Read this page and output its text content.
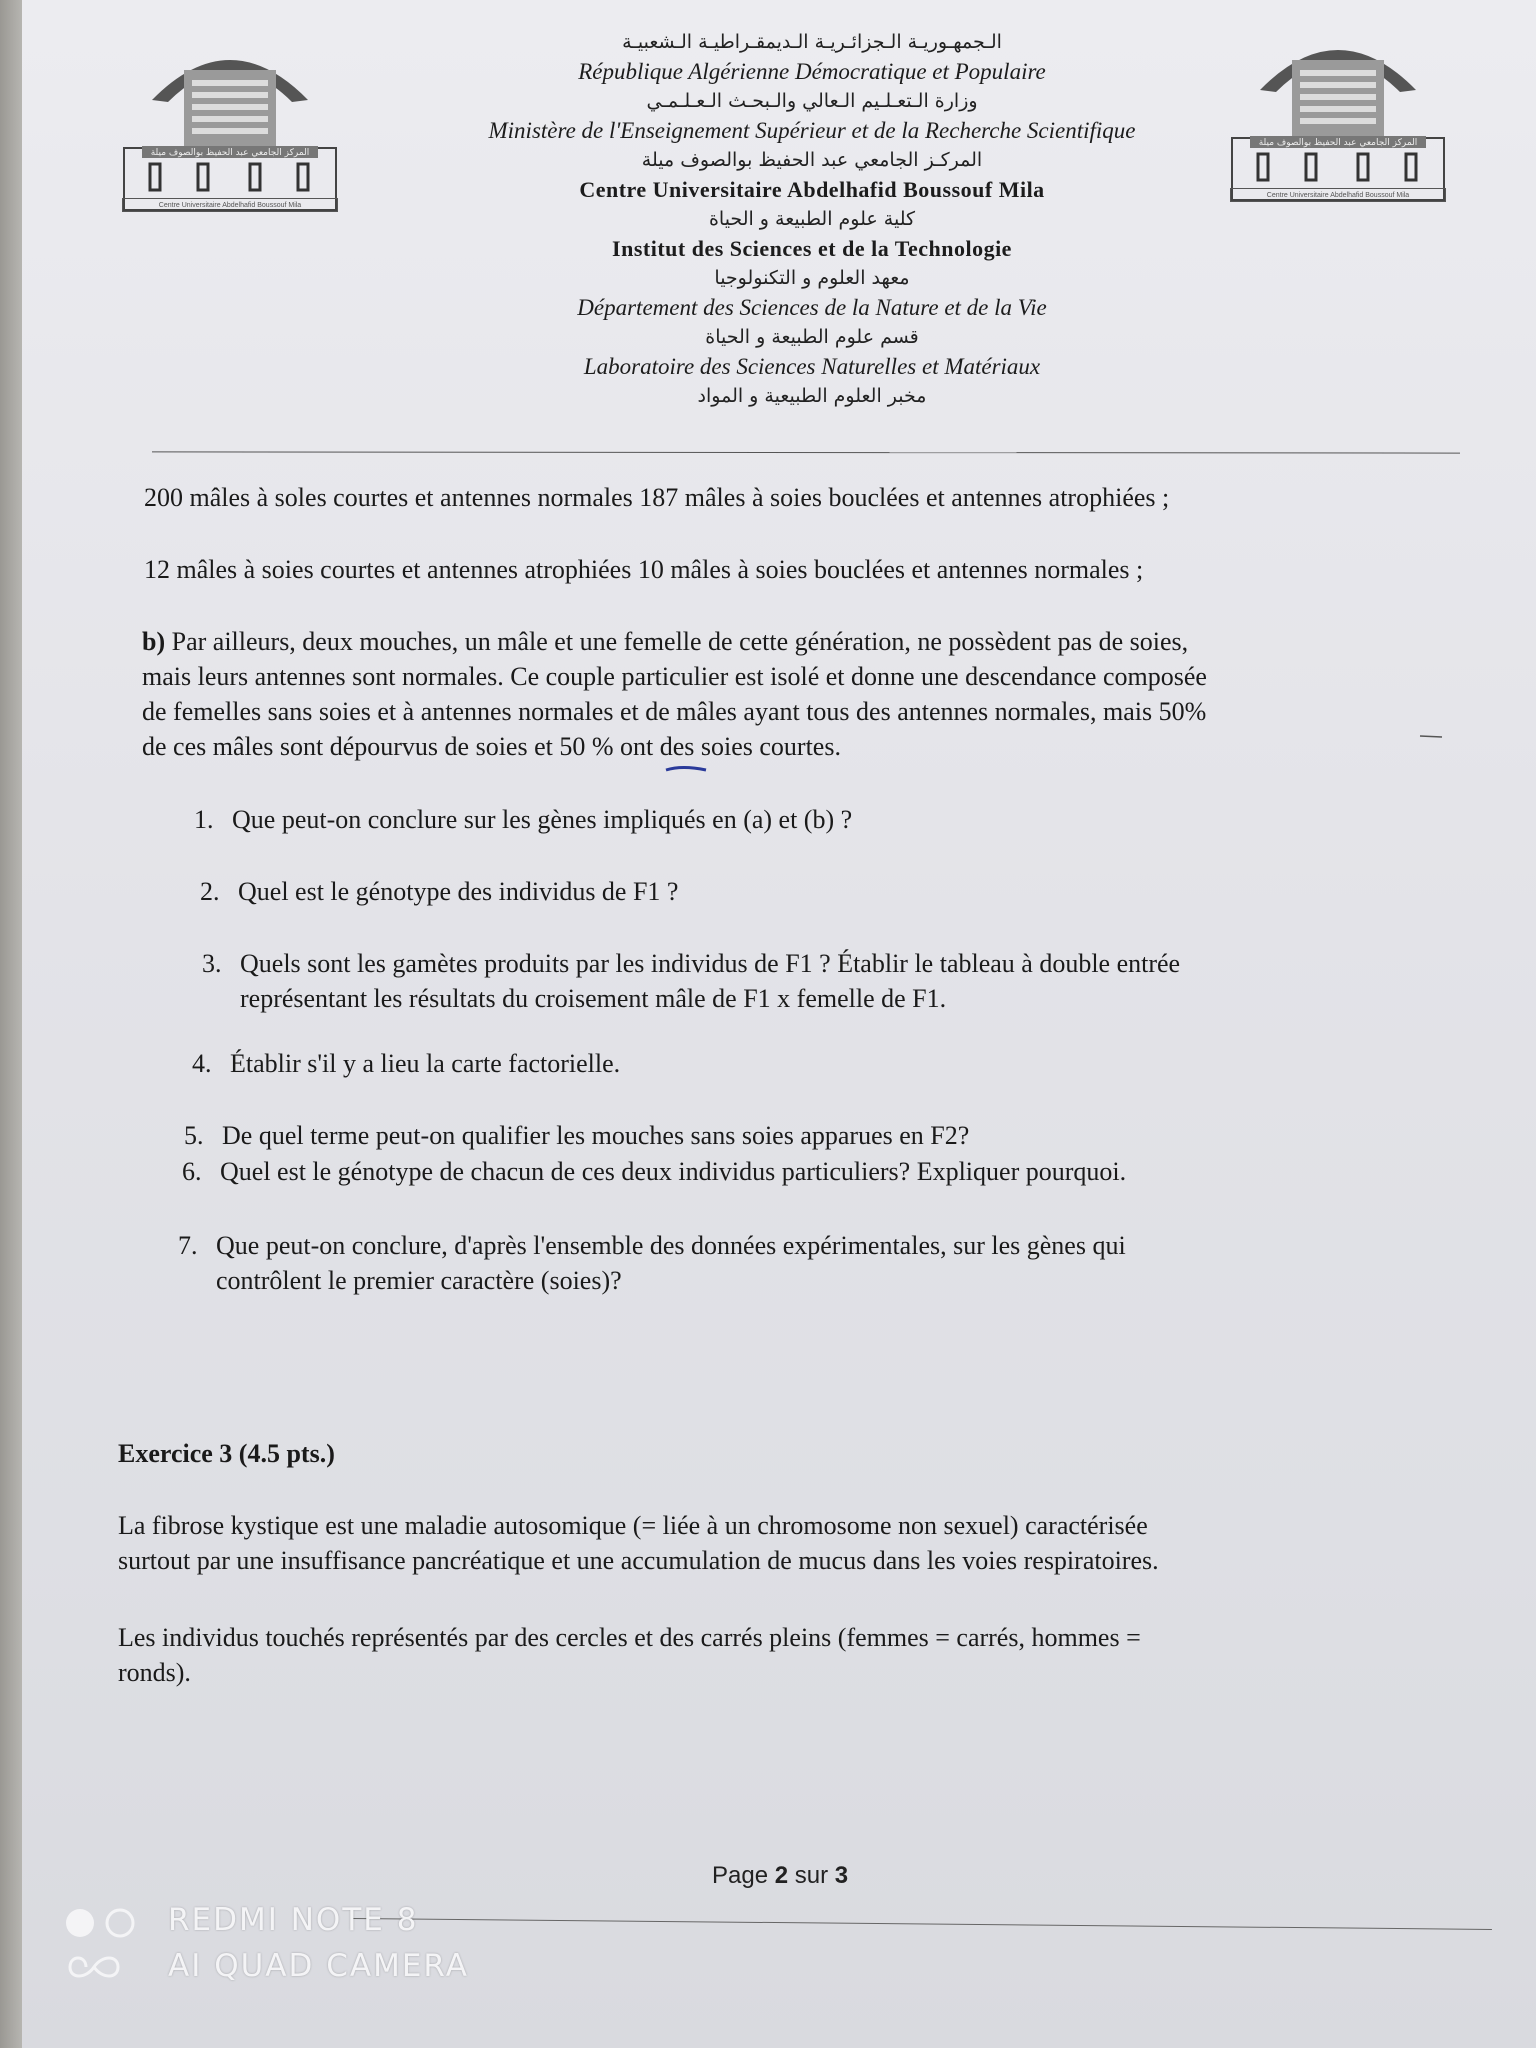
المركز الجامعي عبد الحفيظ بوالصوف ميلة
Centre Universitaire Abdelhafid Boussouf Mila
المركز الجامعي عبد الحفيظ بوالصوف ميلة
Centre Universitaire Abdelhafid Boussouf Mila
الـجمهـوريـة الـجزائـريـة الـديمقـراطيـة الـشعبيـة
République Algérienne Démocratique et Populaire
وزارة الـتعـلـيم الـعالي والـبحـث الـعـلـمـي
Ministère de l'Enseignement Supérieur et de la Recherche Scientifique
المركـز الجامعي عبد الحفيظ بوالصوف ميلة
Centre Universitaire Abdelhafid Boussouf Mila
كلية علوم الطبيعة و الحياة
Institut des Sciences et de la Technologie
معهد العلوم و التكنولوجيا
Département des Sciences de la Nature et de la Vie
قسم علوم الطبيعة و الحياة
Laboratoire des Sciences Naturelles et Matériaux
مخبر العلوم الطبيعية و المواد
200 mâles à soles courtes et antennes normales 187 mâles à soies bouclées et antennes atrophiées ;
12 mâles à soies courtes et antennes atrophiées 10 mâles à soies bouclées et antennes normales ;
b) Par ailleurs, deux mouches, un mâle et une femelle de cette génération, ne possèdent pas de soies,
mais leurs antennes sont normales. Ce couple particulier est isolé et donne une descendance composée
de femelles sans soies et à antennes normales et de mâles ayant tous des antennes normales, mais 50%
de ces mâles sont dépourvus de soies et 50 % ont des soies courtes.
1. Que peut-on conclure sur les gènes impliqués en (a) et (b) ?
2. Quel est le génotype des individus de F1 ?
3. Quels sont les gamètes produits par les individus de F1 ? Établir le tableau à double entrée
représentant les résultats du croisement mâle de F1 x femelle de F1.
4. Établir s'il y a lieu la carte factorielle.
5. De quel terme peut-on qualifier les mouches sans soies apparues en F2?
6. Quel est le génotype de chacun de ces deux individus particuliers? Expliquer pourquoi.
7. Que peut-on conclure, d'après l'ensemble des données expérimentales, sur les gènes qui
contrôlent le premier caractère (soies)?
Exercice 3 (4.5 pts.)
La fibrose kystique est une maladie autosomique (= liée à un chromosome non sexuel) caractérisée
surtout par une insuffisance pancréatique et une accumulation de mucus dans les voies respiratoires.
Les individus touchés représentés par des cercles et des carrés pleins (femmes = carrés, hommes =
ronds).
Page 2 sur 3
REDMI NOTE 8
AI QUAD CAMERA
